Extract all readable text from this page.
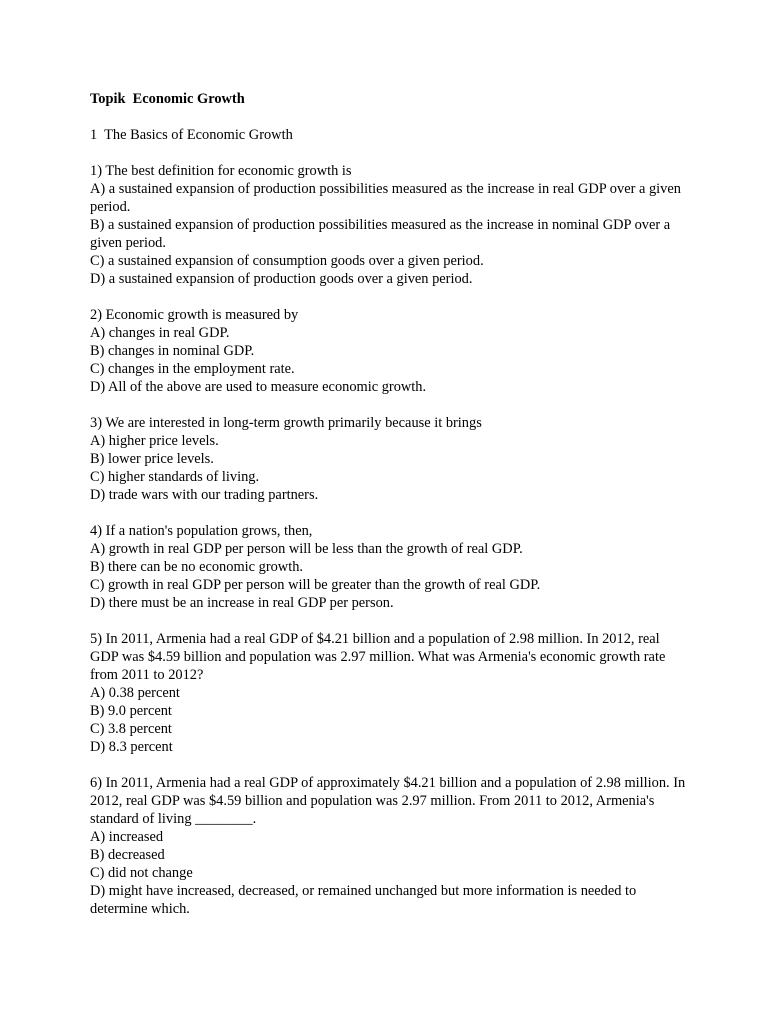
Topik  Economic Growth
1  The Basics of Economic Growth
1) The best definition for economic growth is
A) a sustained expansion of production possibilities measured as the increase in real GDP over a given period.
B) a sustained expansion of production possibilities measured as the increase in nominal GDP over a given period.
C) a sustained expansion of consumption goods over a given period.
D) a sustained expansion of production goods over a given period.
2) Economic growth is measured by
A) changes in real GDP.
B) changes in nominal GDP.
C) changes in the employment rate.
D) All of the above are used to measure economic growth.
3) We are interested in long-term growth primarily because it brings
A) higher price levels.
B) lower price levels.
C) higher standards of living.
D) trade wars with our trading partners.
4) If a nation's population grows, then,
A) growth in real GDP per person will be less than the growth of real GDP.
B) there can be no economic growth.
C) growth in real GDP per person will be greater than the growth of real GDP.
D) there must be an increase in real GDP per person.
5) In 2011, Armenia had a real GDP of $4.21 billion and a population of 2.98 million. In 2012, real GDP was $4.59 billion and population was 2.97 million. What was Armenia's economic growth rate from 2011 to 2012?
A) 0.38 percent
B) 9.0 percent
C) 3.8 percent
D) 8.3 percent
6) In 2011, Armenia had a real GDP of approximately $4.21 billion and a population of 2.98 million. In 2012, real GDP was $4.59 billion and population was 2.97 million. From 2011 to 2012, Armenia's standard of living ________.
A) increased
B) decreased
C) did not change
D) might have increased, decreased, or remained unchanged but more information is needed to determine which.
